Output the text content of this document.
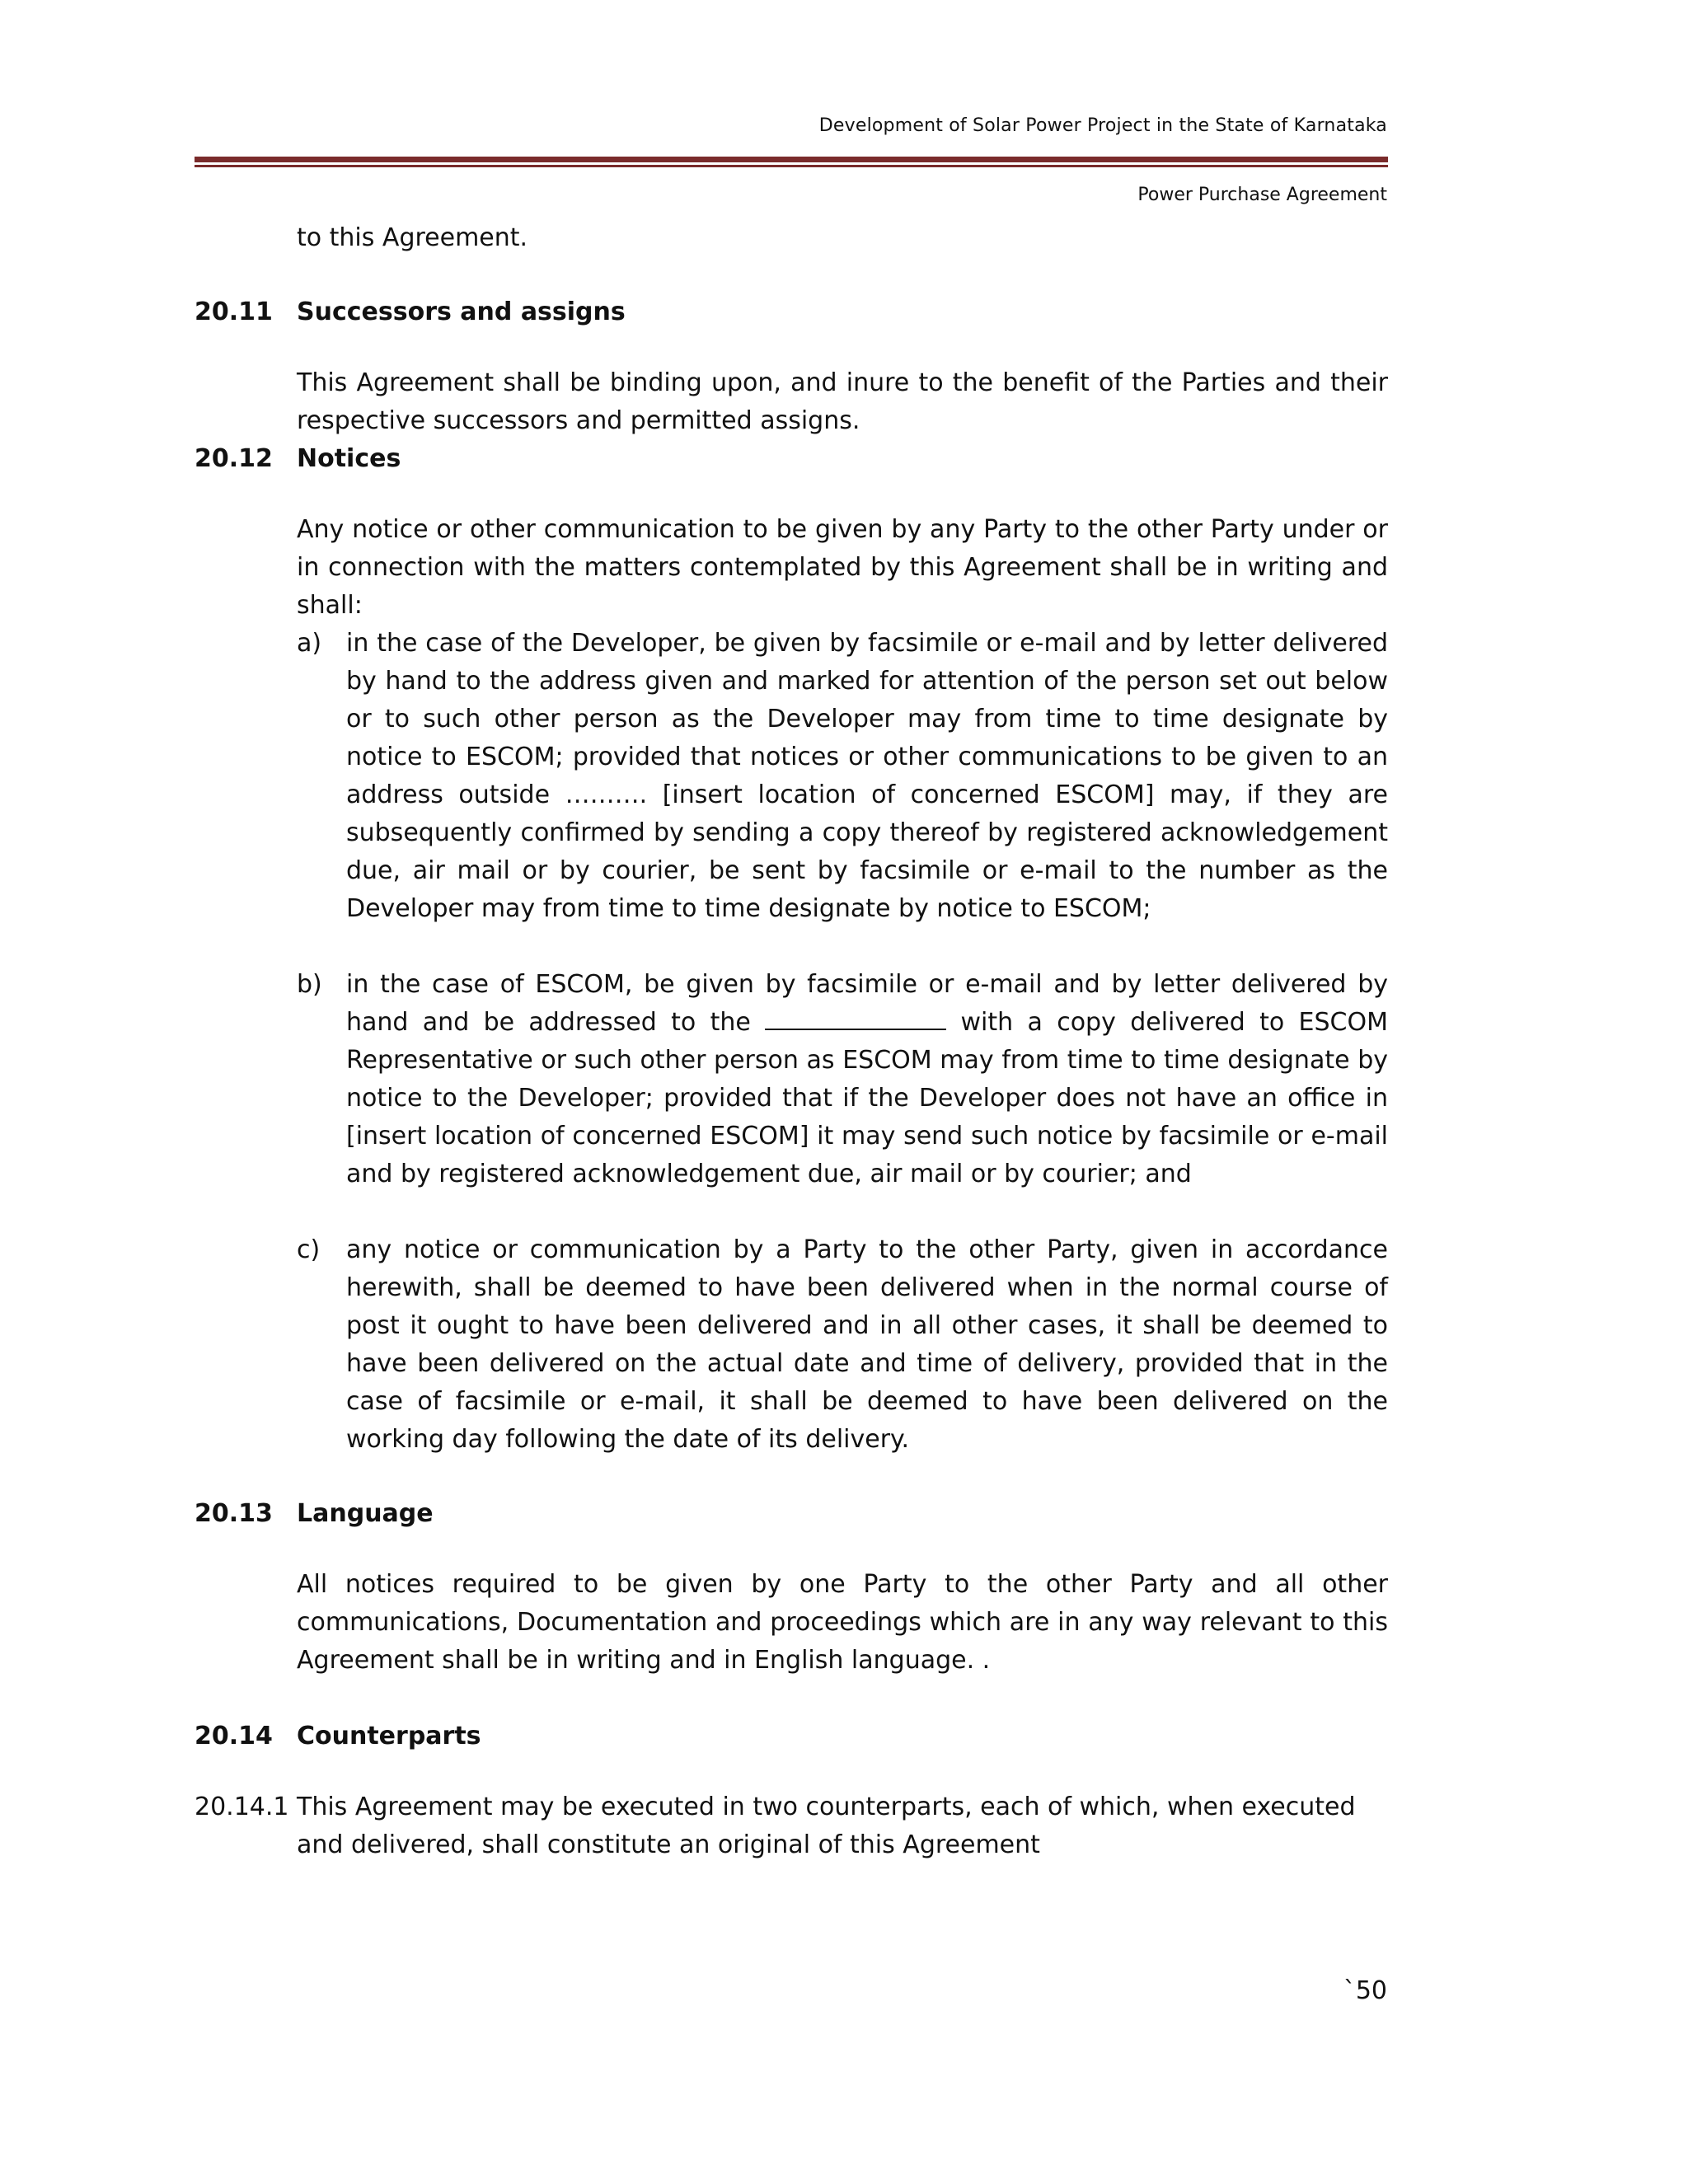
Development of Solar Power Project in the State of Karnataka
Power Purchase Agreement
to this Agreement.
20.11 Successors and assigns
This Agreement shall be binding upon, and inure to the benefit of the Parties and their respective successors and permitted assigns.
20.12 Notices
Any notice or other communication to be given by any Party to the other Party under or in connection with the matters contemplated by this Agreement shall be in writing and shall:
a) in the case of the Developer, be given by facsimile or e-mail and by letter delivered by hand to the address given and marked for attention of the person set out below or to such other person as the Developer may from time to time designate by notice to ESCOM; provided that notices or other communications to be given to an address outside ………. [insert location of concerned ESCOM] may, if they are subsequently confirmed by sending a copy thereof by registered acknowledgement due, air mail or by courier, be sent by facsimile or e-mail to the number as the Developer may from time to time designate by notice to ESCOM;
b) in the case of ESCOM, be given by facsimile or e-mail and by letter delivered by hand and be addressed to the	with a copy delivered to ESCOM Representative or such other person as ESCOM may from time to time designate by notice to the Developer; provided that if the Developer does not have an office in [insert location of concerned ESCOM] it may send such notice by facsimile or e-mail and by registered acknowledgement due, air mail or by courier; and
c) any notice or communication by a Party to the other Party, given in accordance herewith, shall be deemed to have been delivered when in the normal course of post it ought to have been delivered and in all other cases, it shall be deemed to have been delivered on the actual date and time of delivery, provided that in the case of facsimile or e-mail, it shall be deemed to have been delivered on the working day following the date of its delivery.
20.13 Language
All notices required to be given by one Party to the other Party and all other communications, Documentation and proceedings which are in any way relevant to this Agreement shall be in writing and in English language. .
20.14 Counterparts
20.14.1 This Agreement may be executed in two counterparts, each of which, when executed and delivered, shall constitute an original of this Agreement
`50
